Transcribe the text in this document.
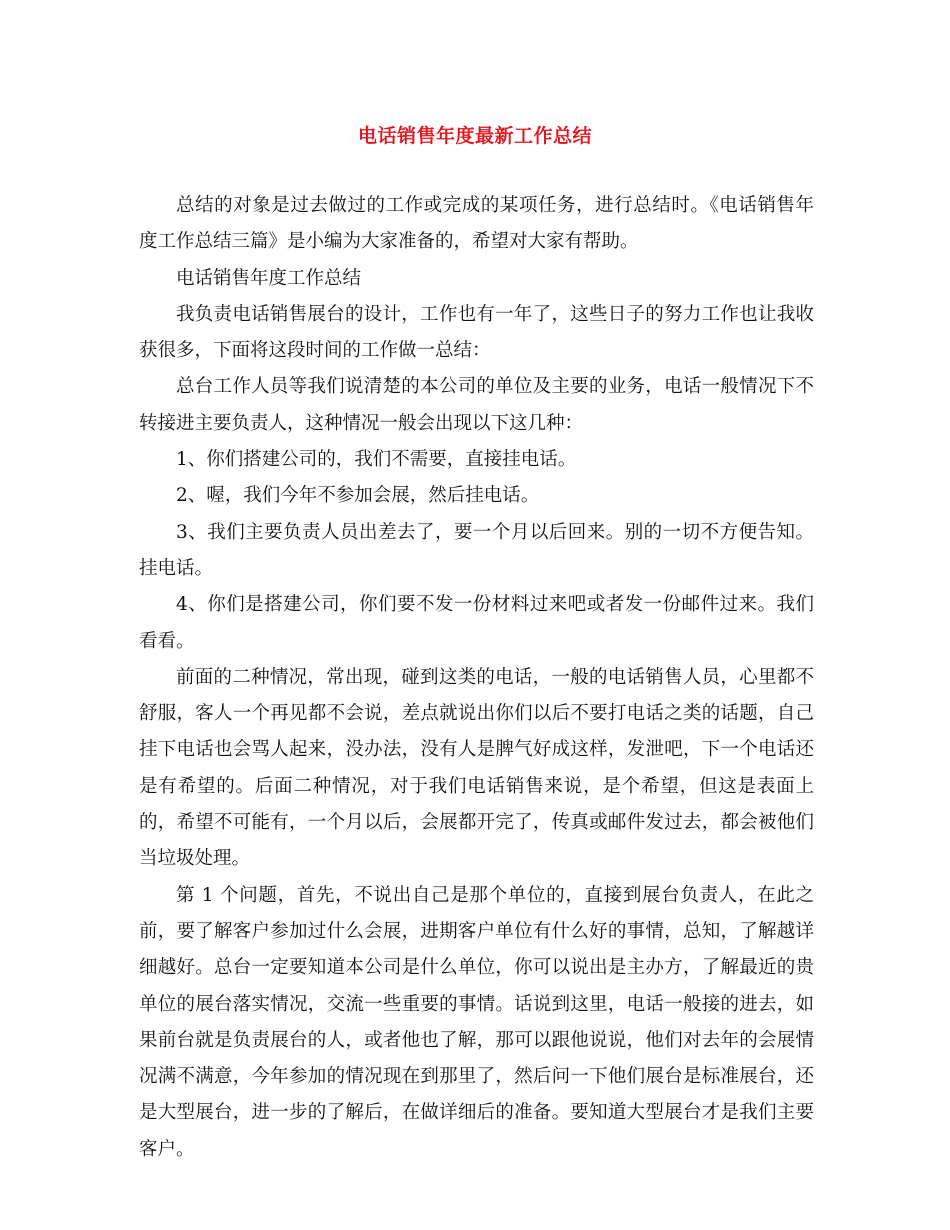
电话销售年度最新工作总结

总结的对象是过去做过的工作或完成的某项任务，进行总结时。《电话销售年度工作总结三篇》是小编为大家准备的，希望对大家有帮助。

电话销售年度工作总结

我负责电话销售展台的设计，工作也有一年了，这些日子的努力工作也让我收获很多，下面将这段时间的工作做一总结：

总台工作人员等我们说清楚的本公司的单位及主要的业务，电话一般情况下不转接进主要负责人，这种情况一般会出现以下这几种：

1、你们搭建公司的，我们不需要，直接挂电话。

2、喔，我们今年不参加会展，然后挂电话。

3、我们主要负责人员出差去了，要一个月以后回来。别的一切不方便告知。挂电话。

4、你们是搭建公司，你们要不发一份材料过来吧或者发一份邮件过来。我们看看。

前面的二种情况，常出现，碰到这类的电话，一般的电话销售人员，心里都不舒服，客人一个再见都不会说，差点就说出你们以后不要打电话之类的话题，自己挂下电话也会骂人起来，没办法，没有人是脾气好成这样，发泄吧，下一个电话还是有希望的。后面二种情况，对于我们电话销售来说，是个希望，但这是表面上的，希望不可能有，一个月以后，会展都开完了，传真或邮件发过去，都会被他们当垃圾处理。

第 1 个问题，首先，不说出自己是那个单位的，直接到展台负责人，在此之前，要了解客户参加过什么会展，进期客户单位有什么好的事情，总知，了解越详细越好。总台一定要知道本公司是什么单位，你可以说出是主办方，了解最近的贵单位的展台落实情况，交流一些重要的事情。话说到这里，电话一般接的进去，如果前台就是负责展台的人，或者他也了解，那可以跟他说说，他们对去年的会展情况满不满意，今年参加的情况现在到那里了，然后问一下他们展台是标准展台，还是大型展台，进一步的了解后，在做详细后的准备。要知道大型展台才是我们主要客户。
